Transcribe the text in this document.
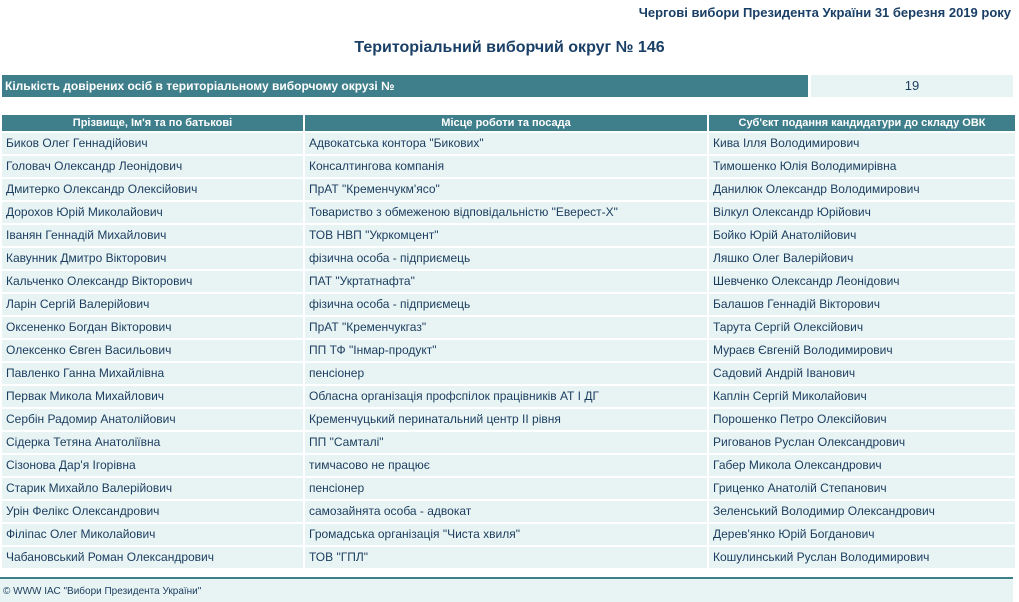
Чергові вибори Президента України 31 березня 2019 року
Територіальний виборчий округ № 146
Кількість довірених осіб в територіальному виборчому окрузі №	19
Прізвище, Ім'я та по батькові	Місце роботи та посада	Суб'єкт подання кандидатури до складу ОВК
Биков Олег Геннадійович	Адвокатська контора "Бикових"	Кива Ілля Володимирович
Головач Олександр Леонідович	Консалтингова компанія	Тимошенко Юлія Володимирівна
Дмитерко Олександр Олексійович	ПрАТ "Кременчукм'ясо"	Данилюк Олександр Володимирович
Дорохов Юрій Миколайович	Товариство з обмеженою відповідальністю "Еверест-Х"	Вілкул Олександр Юрійович
Іванян Геннадій Михайлович	ТОВ НВП "Укркомцент"	Бойко Юрій Анатолійович
Кавунник Дмитро Вікторович	фізична особа - підприємець	Ляшко Олег Валерійович
Кальченко Олександр Вікторович	ПАТ "Укртатнафта"	Шевченко Олександр Леонідович
Ларін Сергій Валерійович	фізична особа - підприємець	Балашов Геннадій Вікторович
Оксененко Богдан Вікторович	ПрАТ "Кременчукгаз"	Тарута Сергій Олексійович
Олексенко Євген Васильович	ПП ТФ "Інмар-продукт"	Мураєв Євгеній Володимирович
Павленко Ганна Михайлівна	пенсіонер	Садовий Андрій Іванович
Первак Микола Михайлович	Обласна організація профспілок працівників АТ І ДГ	Каплін Сергій Миколайович
Сербін Радомир Анатолійович	Кременчуцький перинатальний центр ІІ рівня	Порошенко Петро Олексійович
Сідерка Тетяна Анатоліївна	ПП "Самталі"	Ригованов Руслан Олександрович
Сізонова Дар'я Ігорівна	тимчасово не працює	Габер Микола Олександрович
Старик Михайло Валерійович	пенсіонер	Гриценко Анатолій Степанович
Урін Фелікс Олександрович	самозайнята особа - адвокат	Зеленський Володимир Олександрович
Філіпас Олег Миколайович	Громадська організація "Чиста хвиля"	Дерев'янко Юрій Богданович
Чабановський Роман Олександрович	ТОВ "ГПЛ"	Кошулинський Руслан Володимирович
© WWW ІАС "Вибори Президента України"
